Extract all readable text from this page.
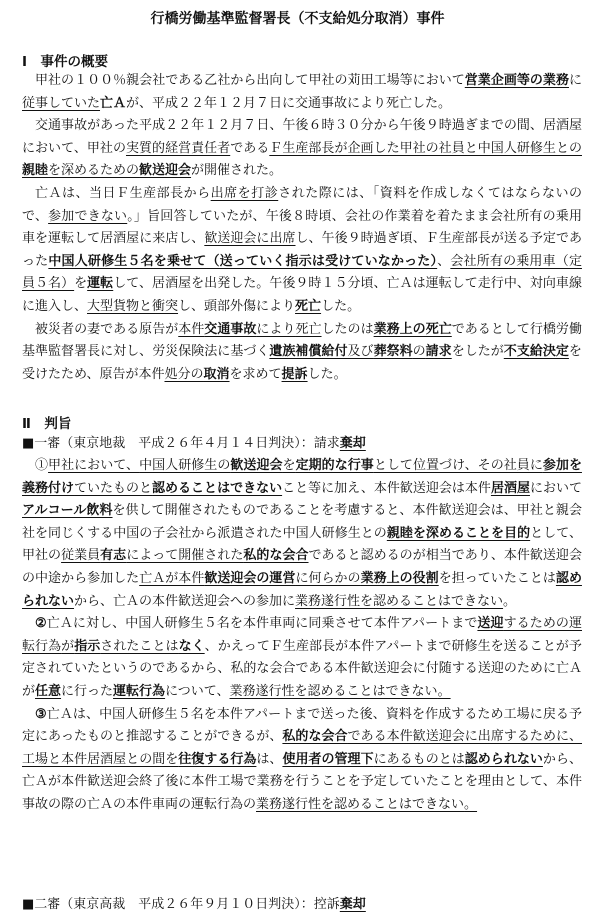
行橋労働基準監督署長（不支給処分取消）事件
Ⅰ　事件の概要

甲社の１００％親会社である乙社から出向して甲社の苅田工場等において営業企画等の業務に従事していた亡Ａが、平成２２年１２月７日に交通事故により死亡した。

交通事故があった平成２２年１２月７日、午後６時３０分から午後９時過ぎまでの間、居酒屋において、甲社の実質的経営責任者であるＦ生産部長が企画した甲社の社員と中国人研修生との親睦を深めるための歓送迎会が開催された。

亡Ａは、当日Ｆ生産部長から出席を打診された際には、「資料を作成しなくてはならないので、参加できない。」旨回答していたが、午後８時頃、会社の作業着を着たまま会社所有の乗用車を運転して居酒屋に来店し、歓送迎会に出席し、午後９時過ぎ頃、Ｆ生産部長が送る予定であった中国人研修生５名を乗せて（送っていく指示は受けていなかった）、会社所有の乗用車（定員５名）を運転して、居酒屋を出発した。午後９時１５分頃、亡Ａは運転して走行中、対向車線に進入し、大型貨物と衝突し、頭部外傷により死亡した。

被災者の妻である原告が本件交通事故により死亡したのは業務上の死亡であるとして行橋労働基準監督署長に対し、労災保険法に基づく遺族補償給付及び葬祭料の請求をしたが不支給決定を受けたため、原告が本件処分の取消を求めて提訴した。

Ⅱ　判旨
■一審（東京地裁　平成２６年４月１４日判決）：請求棄却

①甲社において、中国人研修生の歓送迎会を定期的な行事として位置づけ、その社員に参加を義務付けていたものと認めることはできないこと等に加え、本件歓送迎会は本件居酒屋においてアルコール飲料を供して開催されたものであることを考慮すると、本件歓送迎会は、甲社と親会社を同じくする中国の子会社から派遣された中国人研修生との親睦を深めることを目的として、甲社の従業員有志によって開催された私的な会合であると認めるのが相当であり、本件歓送迎会の中途から参加した亡Ａが本件歓送迎会の運営に何らかの業務上の役割を担っていたことは認められないから、亡Ａの本件歓送迎会への参加に業務遂行性を認めることはできない。

②亡Ａに対し、中国人研修生５名を本件車両に同乗させて本件アパートまで送迎するための運転行為が指示されたことはなく、かえってＦ生産部長が本件アパートまで研修生を送ることが予定されていたというのであるから、私的な会合である本件歓送迎会に付随する送迎のために亡Ａが任意に行った運転行為について、業務遂行性を認めることはできない。

③亡Ａは、中国人研修生５名を本件アパートまで送った後、資料を作成するため工場に戻る予定にあったものと推認することができるが、私的な会合である本件歓送迎会に出席するために、工場と本件居酒屋との間を往復する行為は、使用者の管理下にあるものとは認められないから、亡Ａが本件歓送迎会終了後に本件工場で業務を行うことを予定していたことを理由として、本件事故の際の亡Ａの本件車両の運転行為の業務遂行性を認めることはできない。

■二審（東京高裁　平成２６年９月１０日判決）：控訴棄却
